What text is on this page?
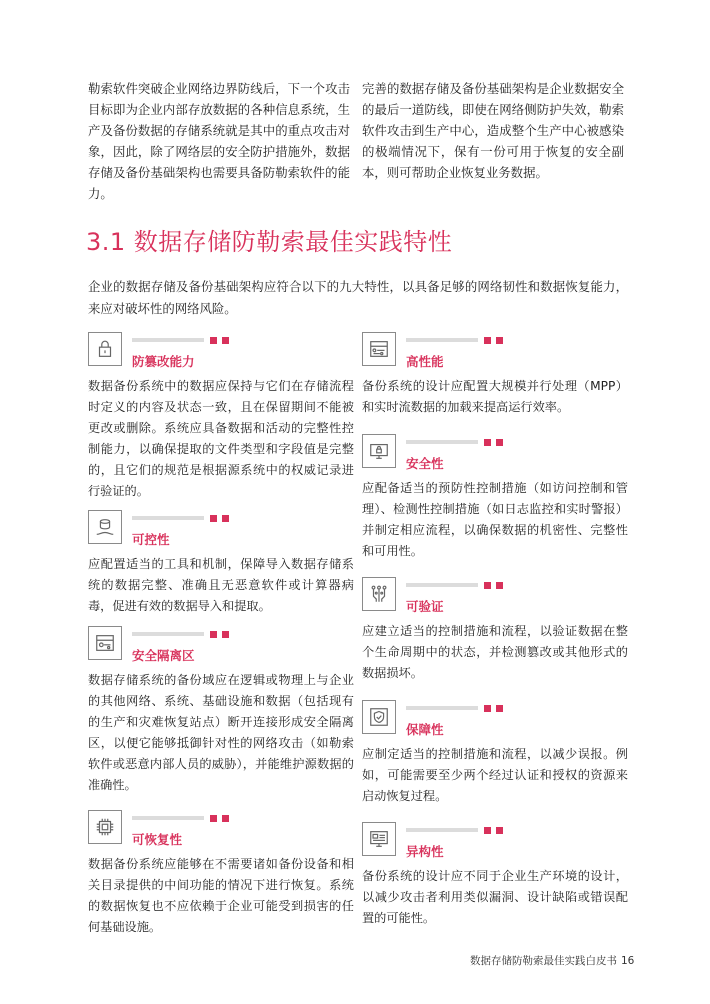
勒索软件突破企业网络边界防线后，下一个攻击目标即为企业内部存放数据的各种信息系统，生产及备份数据的存储系统就是其中的重点攻击对象，因此，除了网络层的安全防护措施外，数据存储及备份基础架构也需要具备防勒索软件的能力。
完善的数据存储及备份基础架构是企业数据安全的最后一道防线，即使在网络侧防护失效，勒索软件攻击到生产中心，造成整个生产中心被感染的极端情况下，保有一份可用于恢复的安全副本，则可帮助企业恢复业务数据。
3.1 数据存储防勒索最佳实践特性

企业的数据存储及备份基础架构应符合以下的九大特性，以具备足够的网络韧性和数据恢复能力，来应对破坏性的网络风险。

防篡改能力

数据备份系统中的数据应保持与它们在存储流程时定义的内容及状态一致，且在保留期间不能被更改或删除。系统应具备数据和活动的完整性控制能力，以确保提取的文件类型和字段值是完整的，且它们的规范是根据源系统中的权威记录进行验证的。

可控性

应配置适当的工具和机制，保障导入数据存储系统的数据完整、准确且无恶意软件或计算器病毒，促进有效的数据导入和提取。

安全隔离区

数据存储系统的备份域应在逻辑或物理上与企业的其他网络、系统、基础设施和数据（包括现有的生产和灾难恢复站点）断开连接形成安全隔离区，以便它能够抵御针对性的网络攻击（如勒索软件或恶意内部人员的威胁），并能维护源数据的准确性。

可恢复性

数据备份系统应能够在不需要诸如备份设备和相关目录提供的中间功能的情况下进行恢复。系统的数据恢复也不应依赖于企业可能受到损害的任何基础设施。

高性能

备份系统的设计应配置大规模并行处理（MPP）和实时流数据的加载来提高运行效率。

安全性

应配备适当的预防性控制措施（如访问控制和管理）、检测性控制措施（如日志监控和实时警报）并制定相应流程，以确保数据的机密性、完整性和可用性。

可验证

应建立适当的控制措施和流程，以验证数据在整个生命周期中的状态，并检测篡改或其他形式的数据损坏。

保障性

应制定适当的控制措施和流程，以减少误报。例如，可能需要至少两个经过认证和授权的资源来启动恢复过程。

异构性

备份系统的设计应不同于企业生产环境的设计，以减少攻击者利用类似漏洞、设计缺陷或错误配置的可能性。

数据存储防勒索最佳实践白皮书 16
